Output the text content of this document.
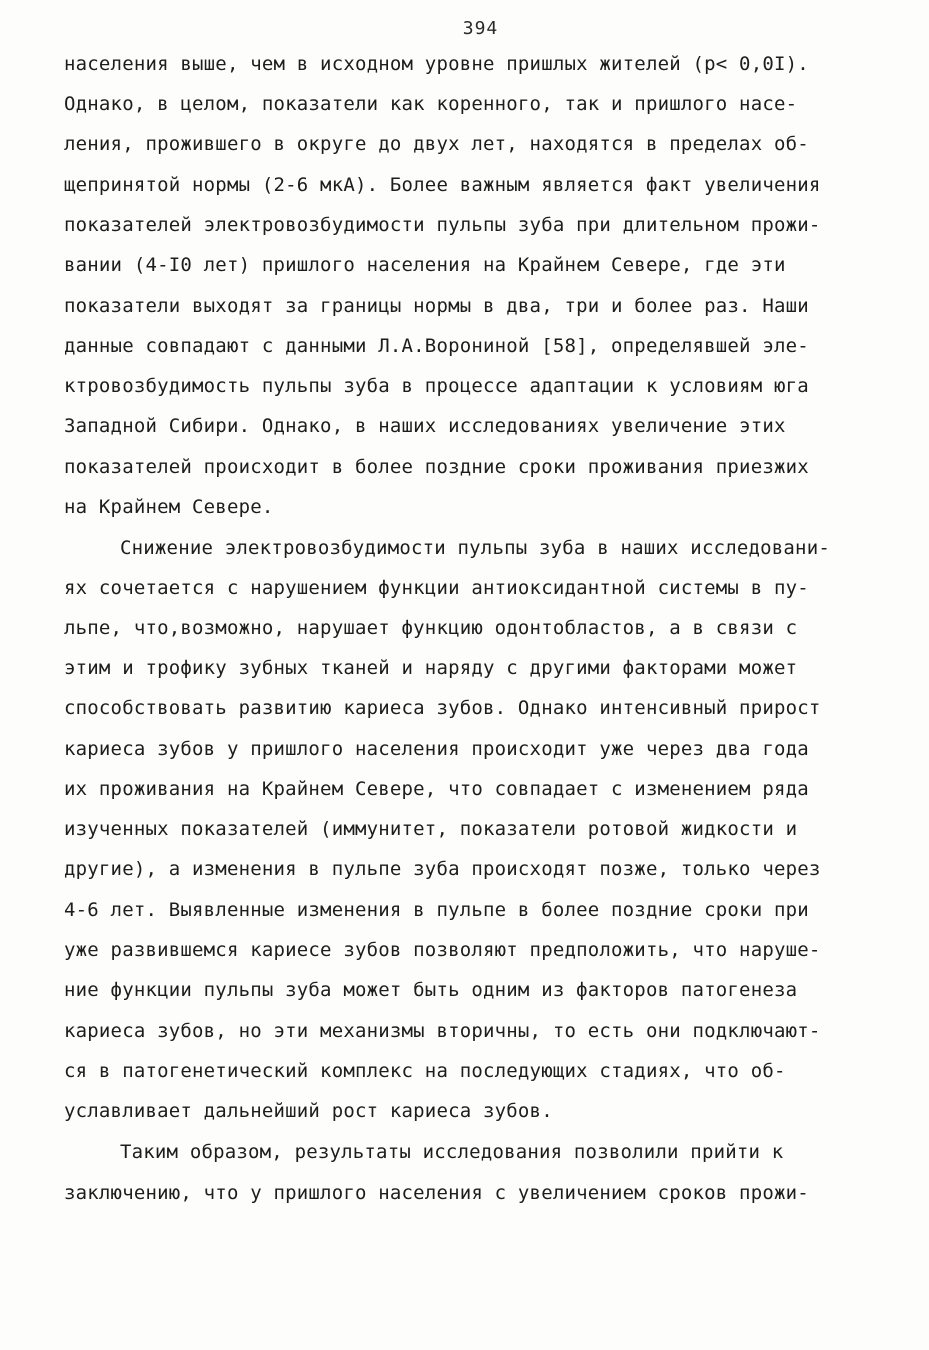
394
населения выше, чем в исходном уровне пришлых жителей (p< 0,0I).
Однако, в целом, показатели как коренного, так и пришлого насе-
ления, прожившего в округе до двух лет, находятся в пределах об-
щепринятой нормы (2-6 мкА). Более важным является факт увеличения
показателей электровозбудимости пульпы зуба при длительном прожи-
вании (4-I0 лет) пришлого населения на Крайнем Севере, где эти
показатели выходят за границы нормы в два, три и более раз. Наши
данные совпадают с данными Л.А.Ворониной [58], определявшей эле-
ктровозбудимость пульпы зуба в процессе адаптации к условиям юга
Западной Сибири. Однако, в наших исследованиях увеличение этих
показателей происходит в более поздние сроки проживания приезжих
на Крайнем Севере.
Снижение электровозбудимости пульпы зуба в наших исследовани-
ях сочетается с нарушением функции антиоксидантной системы в пу-
льпе, что,возможно, нарушает функцию одонтобластов, а в связи с
этим и трофику зубных тканей и наряду с другими факторами может
способствовать развитию кариеса зубов. Однако интенсивный прирост
кариеса зубов у пришлого населения происходит уже через два года
их проживания на Крайнем Севере, что совпадает с изменением ряда
изученных показателей (иммунитет, показатели ротовой жидкости и
другие), а изменения в пульпе зуба происходят позже, только через
4-6 лет. Выявленные изменения в пульпе в более поздние сроки при
уже развившемся кариесе зубов позволяют предположить, что наруше-
ние функции пульпы зуба может быть одним из факторов патогенеза
кариеса зубов, но эти механизмы вторичны, то есть они подключают-
ся в патогенетический комплекс на последующих стадиях, что об-
уславливает дальнейший рост кариеса зубов.
Таким образом, результаты исследования позволили прийти к
заключению, что у пришлого населения с увеличением сроков прожи-
